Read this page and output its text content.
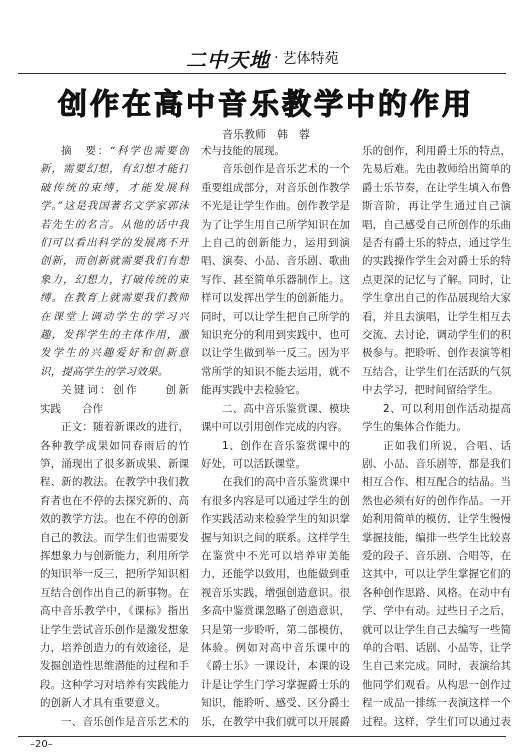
二中天地 · 艺体特苑
创作在高中音乐教学中的作用
音乐教师　韩　蓉

摘　要：“科学也需要创新，需要幻想，有幻想才能打破传统的束缚，才能发展科学。”这是我国著名文学家郭沫若先生的名言。从他的话中我们可以看出科学的发展离不开创新，而创新就需要我们有想象力，幻想力，打破传统的束缚。在教育上就需要我们教师在课堂上调动学生的学习兴趣，发挥学生的主体作用，激发学生的兴趣爱好和创新意识，提高学生的学习效果。

关键词：创作　　创新　　实践　　合作

正文：随着新课改的进行，各种教学成果如同春雨后的竹笋，涌现出了很多新成果、新课程、新的教法。在教学中我们教育者也在不停的去探究新的、高效的教学方法。也在不停的创新自己的教法。而学生们也需要发挥想象力与创新能力，利用所学的知识举一反三，把所学知识相互结合创作出自己的新事物。在高中音乐教学中，《课标》指出让学生尝试音乐创作是激发想象力，培养创造力的有效途径，是发掘创造性思维潜能的过程和手段。这种学习对培养有实践能力的创新人才具有重要意义。

一、音乐创作是音乐艺术的

术与技能的展现。

音乐创作是音乐艺术的一个重要组成部分，对音乐创作教学不光是让学生作曲。创作教学是为了让学生用自己所学知识在加上自己的创新能力，运用到演唱、演奏、小品、音乐剧、歌曲写作、甚至简单乐器制作上。这样可以发挥出学生的创新能力。同时，可以让学生把自己所学的知识充分的利用到实践中，也可以让学生做到举一反三。因为平常所学的知识不能去运用，就不能再实践中去检验它。

二、高中音乐鉴赏课、模块课中可以引用创作完成的内容。

1、创作在音乐鉴赏课中的好处，可以活跃课堂。

在我们的高中音乐鉴赏课中有很多内容是可以通过学生的创作实践活动来检验学生的知识掌握与知识之间的联系。这样学生在鉴赏中不光可以培养审美能力，还能学以致用，也能做到重视音乐实践，增强创造意识。很多高中鉴赏课忽略了创造意识，只是第一步聆听，第二部模仿，体验。例如对高中音乐课中的《爵士乐》一课设计，本课的设计是让学生门学习掌握爵士乐的知识，能聆听、感受、区分爵士乐，在教学中我们就可以开展爵

乐的创作，利用爵士乐的特点，先易后难。先由教师给出简单的爵士乐节奏，在让学生填入布鲁斯音阶，再让学生通过自己演唱，自己感受自己所创作的乐曲是否有爵士乐的特点，通过学生的实践操作学生会对爵士乐的特点更深的记忆与了解。同时，让学生拿出自己的作品展现给大家看，并且去演唱，让学生相互去交流、去讨论，调动学生们的积极参与。把聆听、创作表演等相互结合，让学生们在活跃的气氛中去学习，把时间留给学生。

2、可以利用创作活动提高学生的集体合作能力。

正如我们所说，合唱、话剧、小品、音乐剧等，都是我们相互合作、相互配合的结晶。当然也必须有好的创作作品。一开始利用简单的模仿，让学生慢慢掌握技能，编排一些学生比较喜爱的段子、音乐剧、合唱等，在这其中，可以让学生掌握它们的各种创作思路、风格。在动中有学、学中有动。过些日子之后，就可以让学生自己去编写一些简单的合唱、话剧、小品等，让学生自己来完成。同时，表演给其他同学们观看。从构思一创作过程一成品一排练一表演这样一个过程。这样，学生们可以通过表

–20–
